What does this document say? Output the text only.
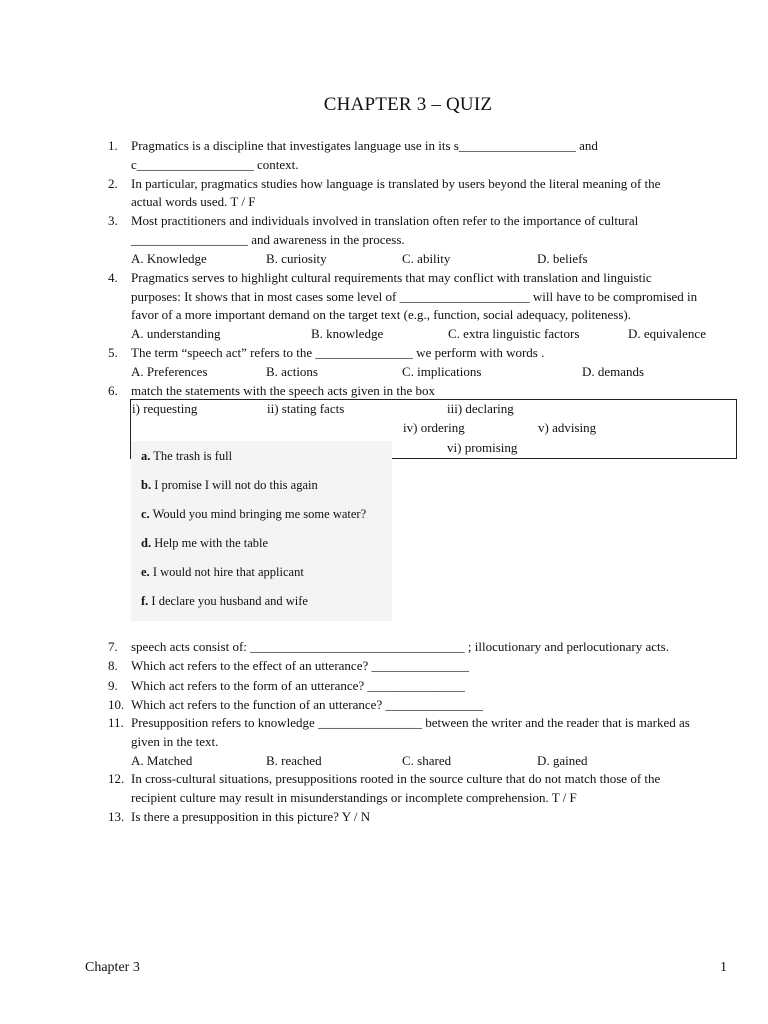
CHAPTER 3 – QUIZ
1. Pragmatics is a discipline that investigates language use in its s__________________ and
c__________________ context.
2. In particular, pragmatics studies how language is translated by users beyond the literal meaning of the
actual words used. T / F
3. Most practitioners and individuals involved in translation often refer to the importance of cultural
__________________ and awareness in the process.
A. Knowledge	B. curiosity	C. ability	D. beliefs
4. Pragmatics serves to highlight cultural requirements that may conflict with translation and linguistic
purposes: It shows that in most cases some level of ____________________ will have to be compromised in
favor of a more important demand on the target text (e.g., function, social adequacy, politeness).
A. understanding	B. knowledge	C. extra linguistic factors	D. equivalence
5. The term “speech act” refers to the _______________ we perform with words .
A. Preferences	B. actions	C. implications	D. demands
6. match the statements with the speech acts given in the box
i) requesting	ii) stating facts	iii) declaring
iv) ordering	v) advising
vi) promising
a. The trash is full
b. I promise I will not do this again
c. Would you mind bringing me some water?
d. Help me with the table
e. I would not hire that applicant
f. I declare you husband and wife
7. speech acts consist of: _________________________________ ; illocutionary and perlocutionary acts.
8. Which act refers to the effect of an utterance? _______________
9. Which act refers to the form of an utterance? _______________
10. Which act refers to the function of an utterance? _______________
11. Presupposition refers to knowledge ________________ between the writer and the reader that is marked as
given in the text.
A. Matched	B. reached	C. shared	D. gained
12. In cross-cultural situations, presuppositions rooted in the source culture that do not match those of the
recipient culture may result in misunderstandings or incomplete comprehension. T / F
13. Is there a presupposition in this picture? Y / N
Chapter 3	1
